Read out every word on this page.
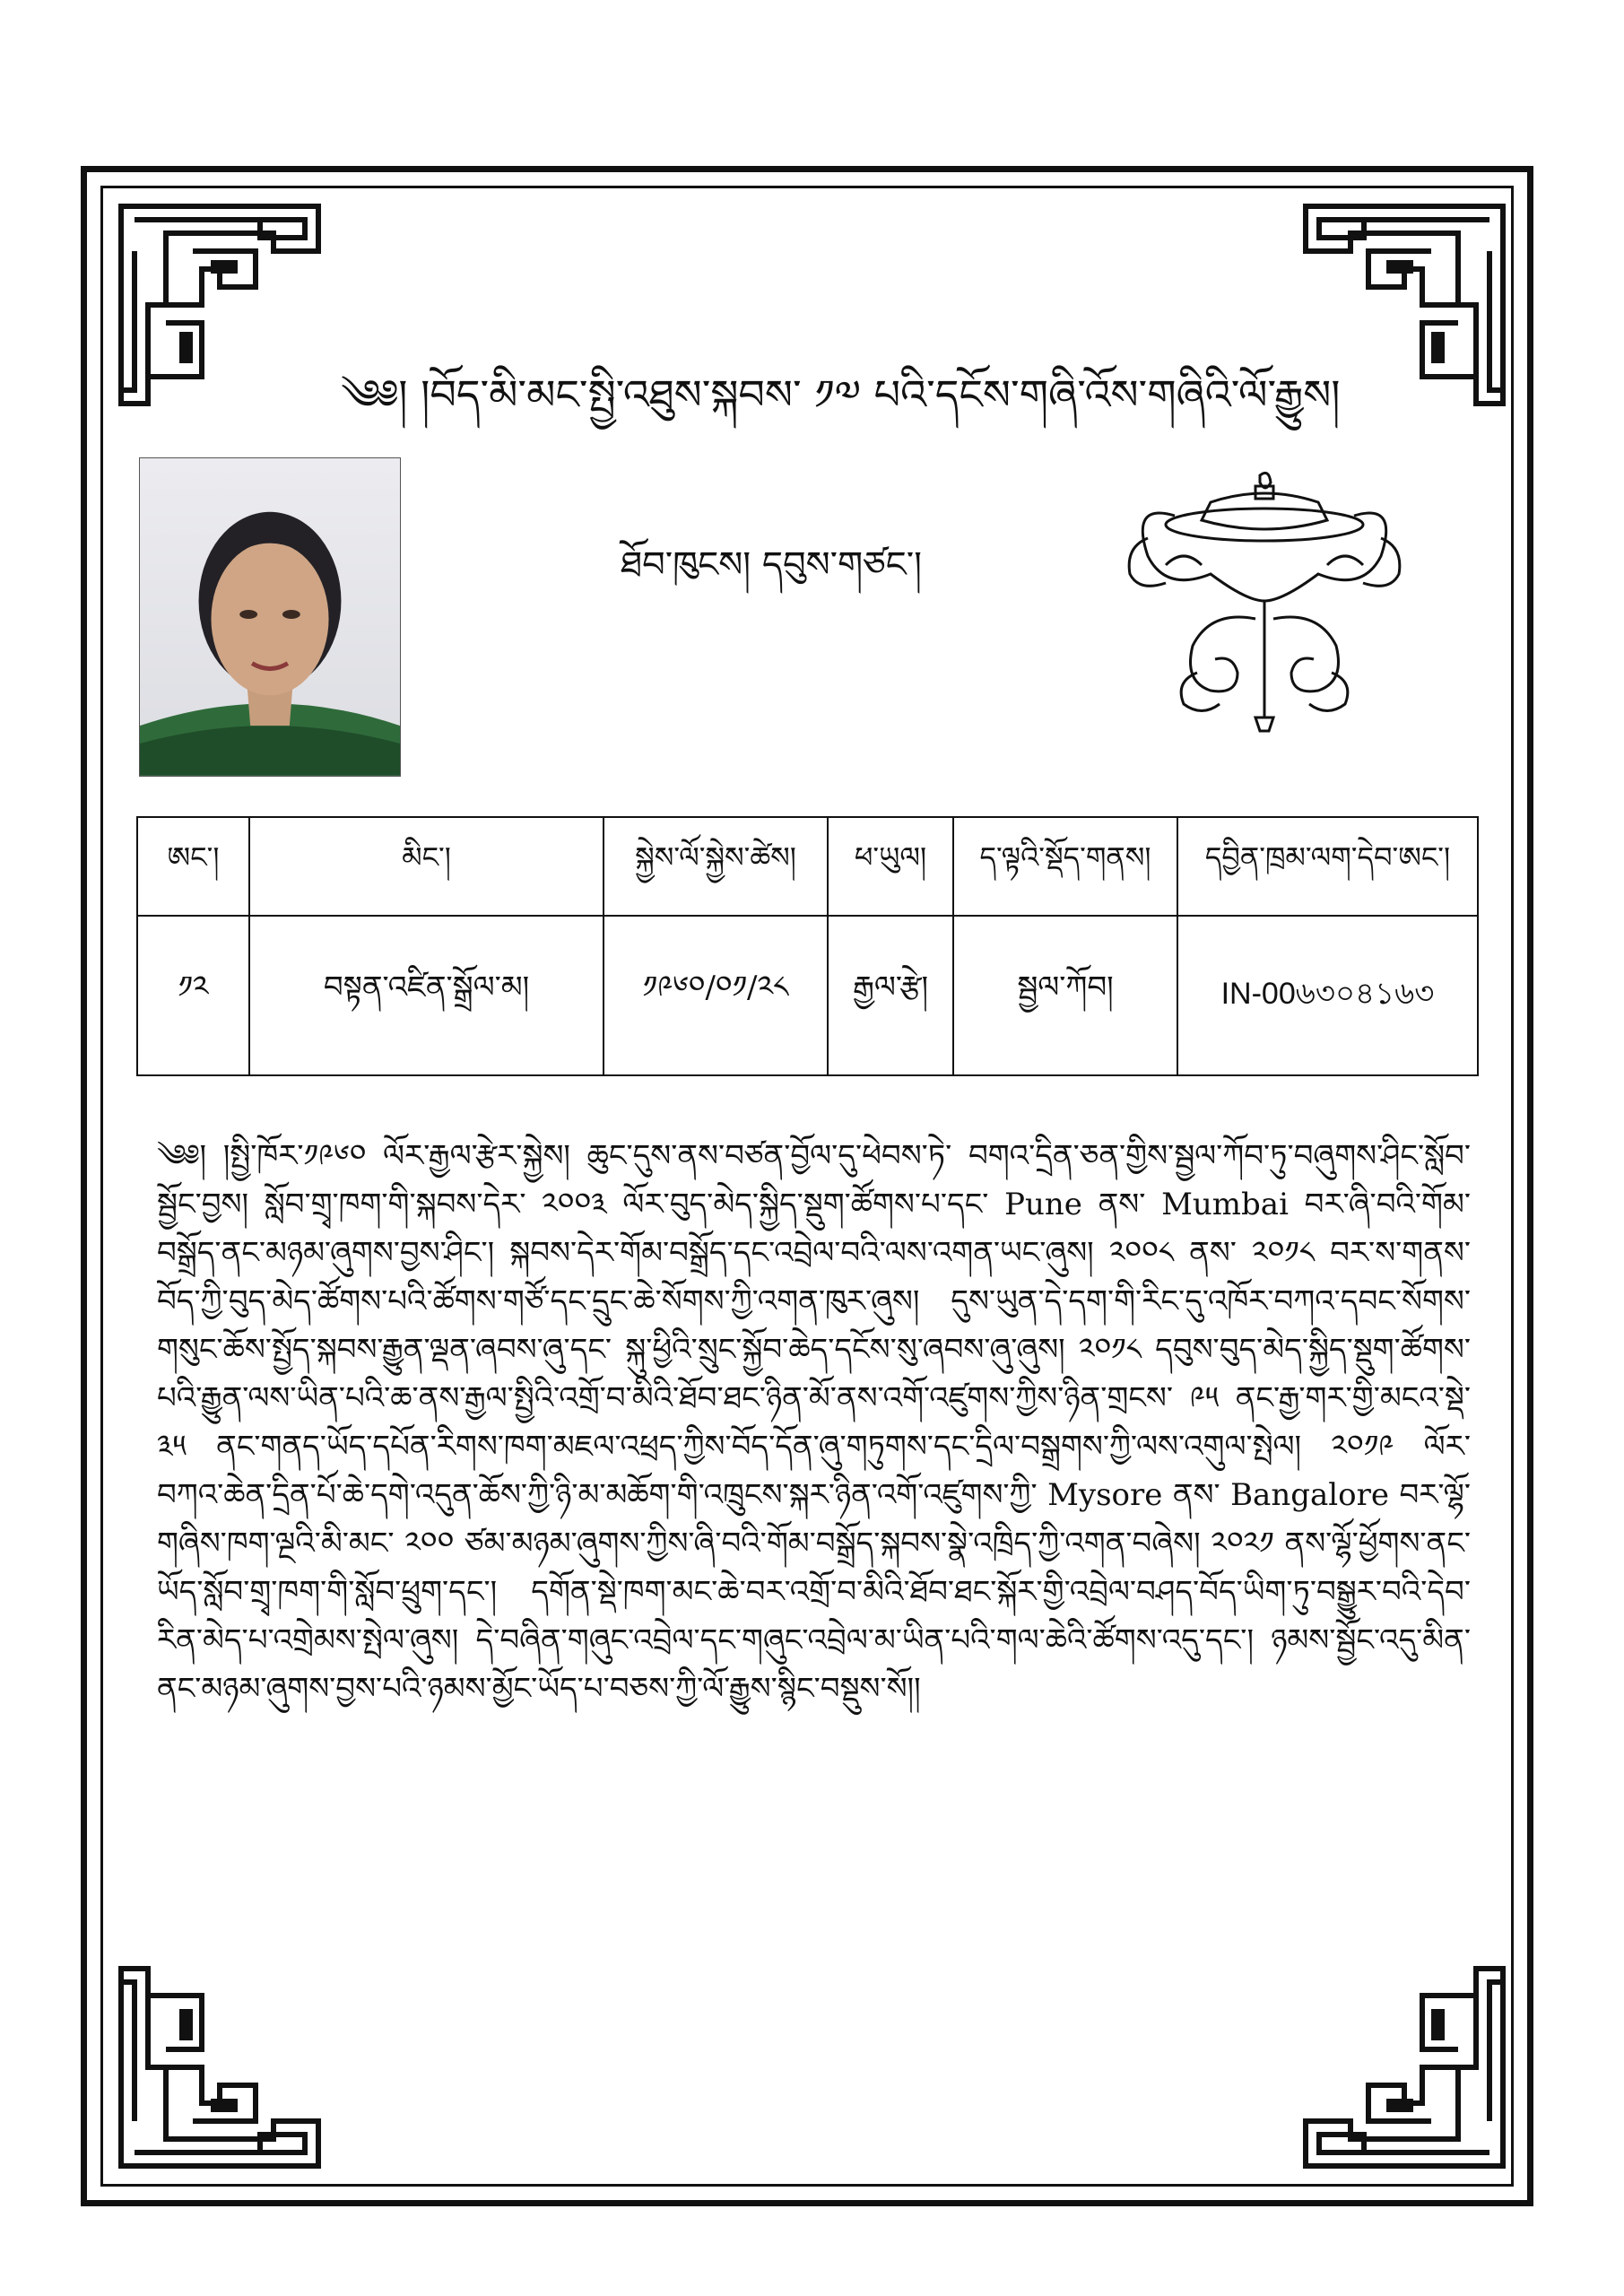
༄༅། །བོད་མི་མང་སྤྱི་འཐུས་སྐབས་ ༡༧ པའི་དངོས་གཞི་འོས་གཞིའི་ལོ་རྒྱུས།
ཐོབ་ཁུངས། དབུས་གཙང་།
ཨང་།	མིང་།	སྐྱེས་ལོ་སྐྱེས་ཚེས།	ཕ་ཡུལ།	ད་ལྟའི་སྡོད་གནས།	དབྱིན་ཁྲམ་ལག་དེབ་ཨང་།
༡༢	བསྟན་འཛིན་སྒྲོལ་མ།	༡༩༦༠/༠༡/༢༨	རྒྱལ་རྩེ།	སྦྱལ་ཀོབ།	IN-00৬৩০৪১৬৩
༄༅། །སྤྱི་ཁོར་༡༩༦༠ ལོར་རྒྱལ་རྩེར་སྐྱེས། ཆུང་དུས་ནས་བཙན་བྱོལ་དུ་ཕེབས་ཏེ་ བགའ་དྲིན་ཅན་གྱིས་སྦྱལ་ཀོབ་ཏུ་བཞུགས་ཤིང་སློབ་སྦྱོང་བྱས། སློབ་གྲྭ་ཁག་གི་སྐབས་དེར་ ༢༠༠༣ ལོར་བུད་མེད་སྐྱིད་སྡུག་ཚོགས་པ་དང་ Pune ནས་ Mumbai བར་ཞི་བའི་གོམ་བསྒྲོད་ནང་མཉམ་ཞུགས་བྱས་ཤིང་། སྐབས་དེར་གོམ་བསྒྲོད་དང་འབྲེལ་བའི་ལས་འགན་ཡང་ཞུས། ༢༠༠༨ ནས་ ༢༠༡༨ བར་ས་གནས་བོད་ཀྱི་བུད་མེད་ཚོགས་པའི་ཚོགས་གཙོ་དང་དྲུང་ཆེ་སོགས་ཀྱི་འགན་ཁུར་ཞུས། དུས་ཡུན་དེ་དག་གི་རིང་དུ་འཁོར་བཀའ་དབང་སོགས་གསུང་ཆོས་སྤྱོད་སྐབས་རྒྱུན་ལྡན་ཞབས་ཞུ་དང་ སྐུ་ཕྱིའི་སྲུང་སྐྱོབ་ཆེད་དངོས་སུ་ཞབས་ཞུ་ཞུས། ༢༠༡༨ དབུས་བུད་མེད་སྐྱིད་སྡུག་ཚོགས་པའི་རྒྱུན་ལས་ཡིན་པའི་ཆ་ནས་རྒྱལ་སྤྱིའི་འགྲོ་བ་མིའི་ཐོབ་ཐང་ཉིན་མོ་ནས་འགོ་འཛུགས་ཀྱིས་ཉིན་གྲངས་ ༩༥ ནང་རྒྱ་གར་གྱི་མངའ་སྡེ་ ༣༥ ནང་གནད་ཡོད་དཔོན་རིགས་ཁག་མཇལ་འཕྲད་ཀྱིས་བོད་དོན་ཞུ་གཏུགས་དང་དྲིལ་བསྒྲགས་ཀྱི་ལས་འགུལ་སྤེལ། ༢༠༡༩ ལོར་བཀའ་ཆེན་དྲིན་པོ་ཆེ་དགེ་འདུན་ཆོས་ཀྱི་ཉི་མ་མཆོག་གི་འཁྲུངས་སྐར་ཉིན་འགོ་འཛུགས་ཀྱི་ Mysore ནས་ Bangalore བར་ལྷོ་གཞིས་ཁག་ལྔའི་མི་མང་ ༢༠༠ ཙམ་མཉམ་ཞུགས་ཀྱིས་ཞི་བའི་གོམ་བསྒྲོད་སྐབས་སྣེ་འཁྲིད་ཀྱི་འགན་བཞེས། ༢༠༢༡ ནས་ལྷོ་ཕྱོགས་ནང་ཡོད་སློབ་གྲྭ་ཁག་གི་སློབ་ཕྲུག་དང་། དགོན་སྡེ་ཁག་མང་ཆེ་བར་འགྲོ་བ་མིའི་ཐོབ་ཐང་སྐོར་གྱི་འབྲེལ་བཤད་བོད་ཡིག་ཏུ་བསྒྱུར་བའི་དེབ་རིན་མེད་པ་འགྲེམས་སྤེལ་ཞུས། དེ་བཞིན་གཞུང་འབྲེལ་དང་གཞུང་འབྲེལ་མ་ཡིན་པའི་གལ་ཆེའི་ཚོགས་འདུ་དང་། ཉམས་སྦྱོང་འདུ་མིན་ནང་མཉམ་ཞུགས་བྱས་པའི་ཉམས་མྱོང་ཡོད་པ་བཅས་ཀྱི་ལོ་རྒྱུས་སྙིང་བསྡུས་སོ།།
